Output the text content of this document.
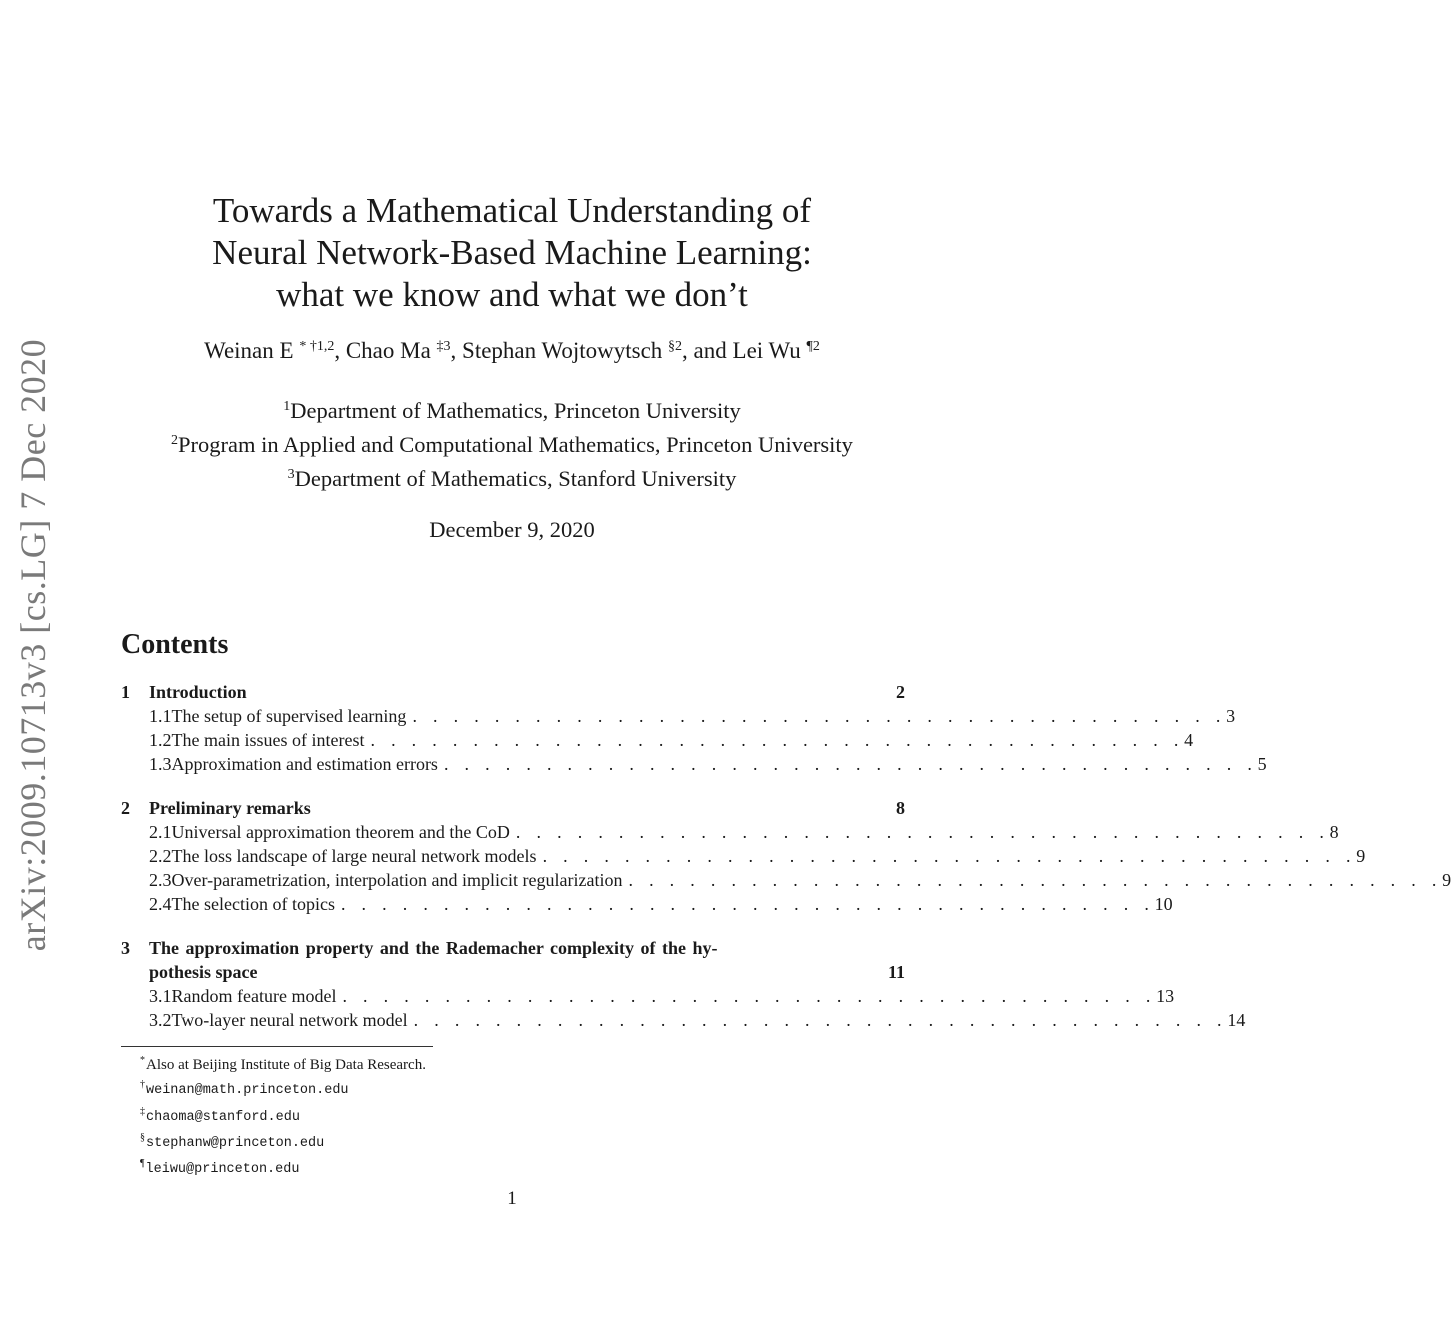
arXiv:2009.10713v3 [cs.LG] 7 Dec 2020
Towards a Mathematical Understanding of
Neural Network-Based Machine Learning:
what we know and what we don’t
Weinan E $^{* \dagger 1,2}$, Chao Ma $^{\ddagger 3}$, Stephan Wojtowytsch $^{\S 2}$, and Lei Wu $^{\P 2}$
$^1$Department of Mathematics, Princeton University
$^2$Program in Applied and Computational Mathematics, Princeton University
$^3$Department of Mathematics, Stanford University
December 9, 2020
Contents
1	Introduction	2
1.1 The setup of supervised learning . . . . . . . . . . . . . . . . . . . . . . . . . . . . . . . . . . . . . . . . 3
1.2 The main issues of interest . . . . . . . . . . . . . . . . . . . . . . . . . . . . . . . . . . . . . . . . 4
1.3 Approximation and estimation errors . . . . . . . . . . . . . . . . . . . . . . . . . . . . . . . . . . . . . . . . 5
2	Preliminary remarks	8
2.1 Universal approximation theorem and the CoD . . . . . . . . . . . . . . . . . . . . . . . . . . . . . . . . . . . . . . . . 8
2.2 The loss landscape of large neural network models . . . . . . . . . . . . . . . . . . . . . . . . . . . . . . . . . . . . . . . . 9
2.3 Over-parametrization, interpolation and implicit regularization . . . . . . . . . . . . . . . . . . . . . . . . . . . . . . . . . . . . . . . . 9
2.4 The selection of topics . . . . . . . . . . . . . . . . . . . . . . . . . . . . . . . . . . . . . . . . 10
3	The approximation property and the Rademacher complexity of the hy-
pothesis space	11
3.1 Random feature model . . . . . . . . . . . . . . . . . . . . . . . . . . . . . . . . . . . . . . . . 13
3.2 Two-layer neural network model . . . . . . . . . . . . . . . . . . . . . . . . . . . . . . . . . . . . . . . . 14
*Also at Beijing Institute of Big Data Research.
†weinan@math.princeton.edu
‡chaoma@stanford.edu
§stephanw@princeton.edu
¶leiwu@princeton.edu
1
